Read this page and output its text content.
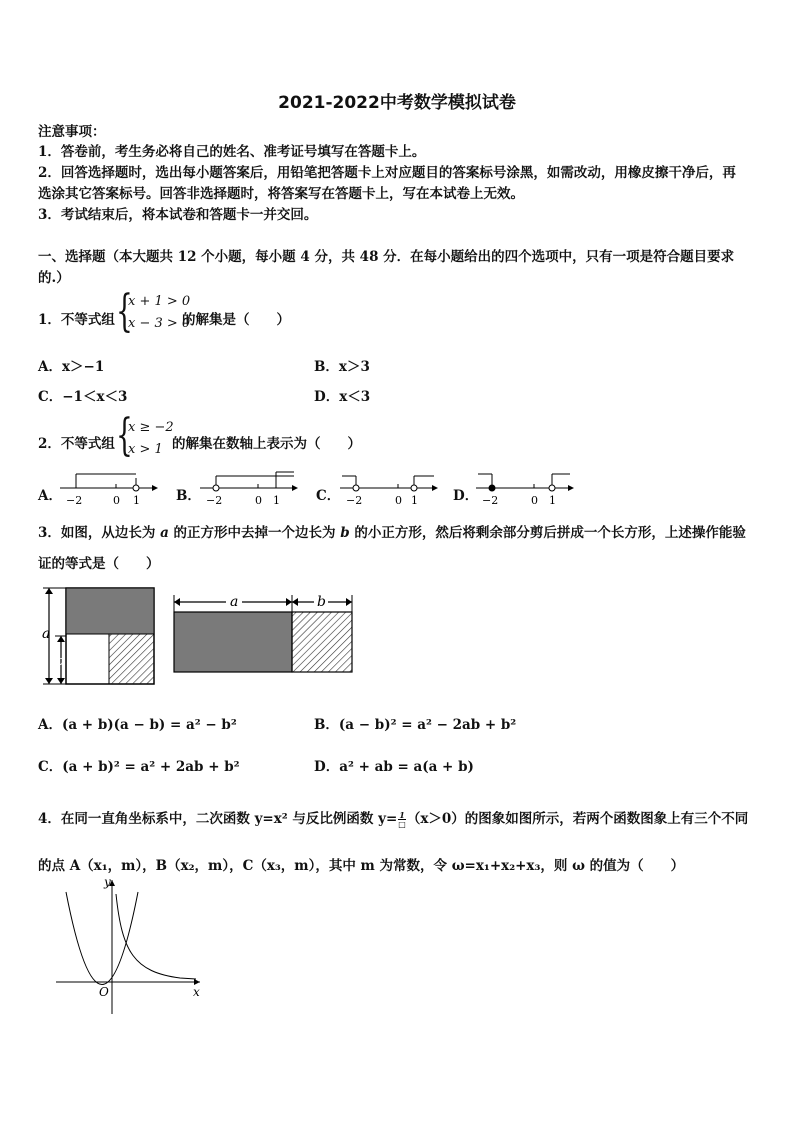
2021-2022中考数学模拟试卷
注意事项：
1．答卷前，考生务必将自己的姓名、准考证号填写在答题卡上。
2．回答选择题时，选出每小题答案后，用铅笔把答题卡上对应题目的答案标号涂黑，如需改动，用橡皮擦干净后，再
选涂其它答案标号。回答非选择题时，将答案写在答题卡上，写在本试卷上无效。
3．考试结束后，将本试卷和答题卡一并交回。
一、选择题（本大题共 12 个小题，每小题 4 分，共 48 分．在每小题给出的四个选项中，只有一项是符合题目要求
的.）
1．不等式组 {
x + 1 > 0
x − 3 > 0
的解集是（　　）
A．x＞−1	B．x＞3
C．−1＜x＜3	D．x＜3
2．不等式组 {
x ≥ −2
x > 1 的解集在数轴上表示为（　　）
A．	B．	C．	D．
−2	0 1	−2	0 1	−2	0 1	−2	0 1
3．如图，从边长为 a 的正方形中去掉一个边长为 b 的小正方形，然后将剩余部分剪后拼成一个长方形，上述操作能验
证的等式是（　　）
a
b
a	b
A．(a + b)(a − b) = a² − b²	B．(a − b)² = a² − 2ab + b²
C．(a + b)² = a² + 2ab + b²	D．a² + ab = a(a + b)
4．在同一直角坐标系中，二次函数 y=x² 与反比例函数 y= 1
□ （x＞0）的图象如图所示，若两个函数图象上有三个不同
的点 A（x₁，m），B（x₂，m），C（x₃，m），其中 m 为常数，令 ω=x₁+x₂+x₃，则 ω 的值为（　　）
y
x
O
